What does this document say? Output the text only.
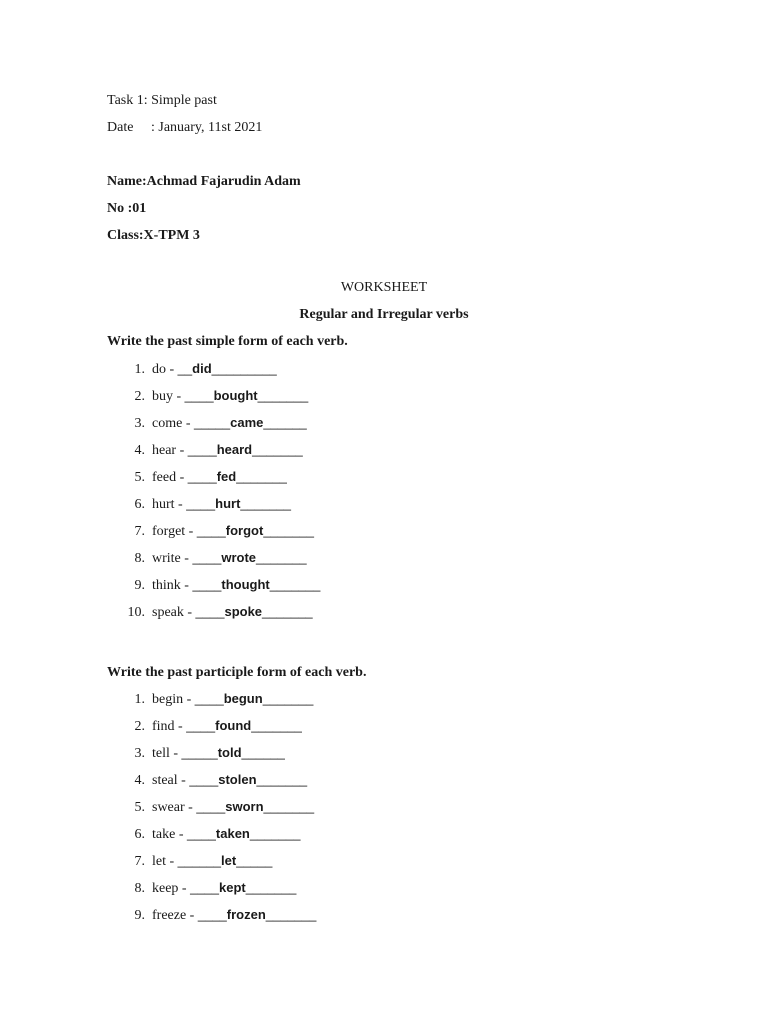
Task 1: Simple past
Date : January, 11st 2021
Name:Achmad Fajarudin Adam
No :01
Class:X-TPM 3
WORKSHEET
Regular and Irregular verbs
Write the past simple form of each verb.
1. do - __did_________
2. buy - ____bought_______
3. come - _____came______
4. hear - ____heard_______
5. feed - ____fed_______
6. hurt - ____hurt_______
7. forget - ____forgot_______
8. write - ____wrote_______
9. think - ____thought_______
10. speak - ____spoke_______
Write the past participle form of each verb.
1. begin - ____begun_______
2. find - ____found_______
3. tell - _____told______
4. steal - ____stolen_______
5. swear - ____sworn_______
6. take - ____taken_______
7. let - ______let_____
8. keep - ____kept_______
9. freeze - ____frozen_______
